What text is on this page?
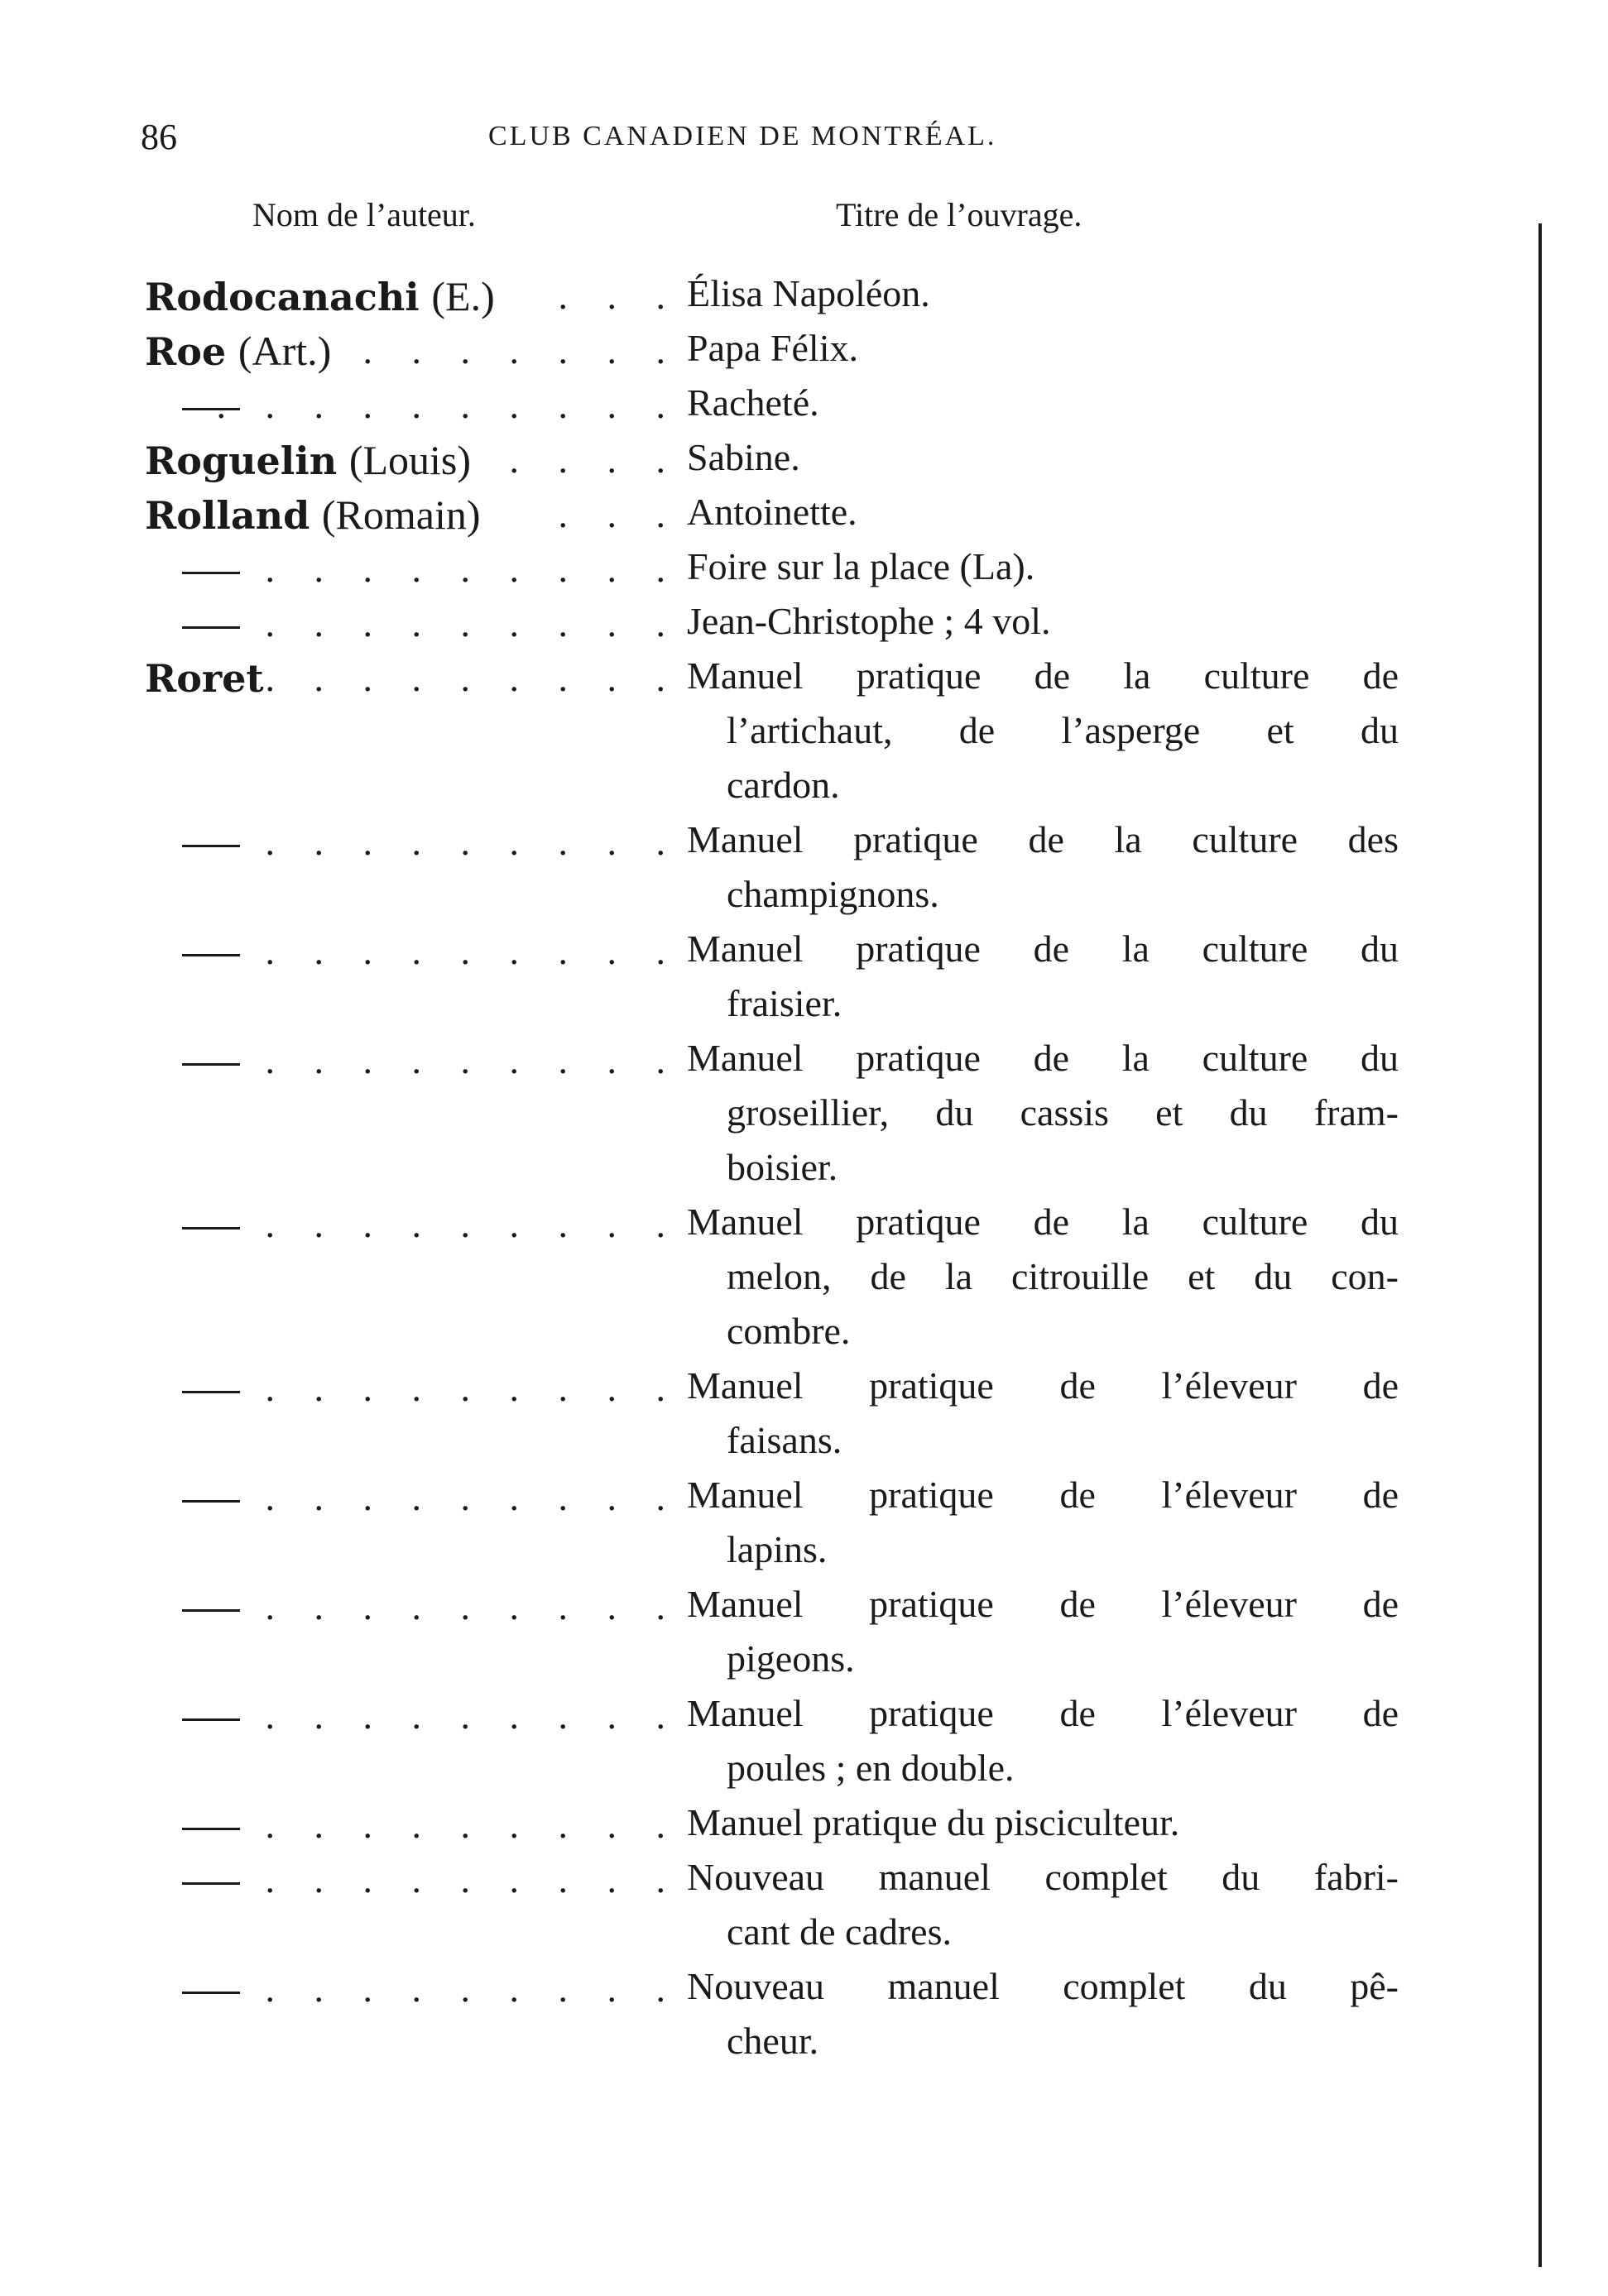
86	CLUB CANADIEN DE MONTRÉAL.
Nom de l’auteur.	Titre de l’ouvrage.
Rodocanachi (E.)	. . . Élisa Napoléon.
Roe (Art.) . . . . . . . Papa Félix.
. . . . . . . . . . Racheté.
Roguelin (Louis)	. . . . Sabine.
Rolland (Romain)	. . . Antoinette.
. . . . . . . . . Foire sur la place (La).
. . . . . . . . . Jean-Christophe ; 4 vol.
Roret . . . . . . . . . Manuel pratique de la culture de
l’artichaut, de l’asperge et du
cardon.
. . . . . . . . . Manuel pratique de la culture des
champignons.
. . . . . . . . . Manuel pratique de la culture du
fraisier.
. . . . . . . . . Manuel pratique de la culture du
groseillier, du cassis et du fram-
boisier.
. . . . . . . . . Manuel pratique de la culture du
melon, de la citrouille et du con-
combre.
. . . . . . . . . Manuel pratique de l’éleveur de
faisans.
. . . . . . . . . Manuel pratique de l’éleveur de
lapins.
. . . . . . . . . Manuel pratique de l’éleveur de
pigeons.
. . . . . . . . . Manuel pratique de l’éleveur de
poules ; en double.
. . . . . . . . . Manuel pratique du pisciculteur.
. . . . . . . . . Nouveau manuel complet du fabri-
cant de cadres.
. . . . . . . . . Nouveau manuel complet du pê-
cheur.
